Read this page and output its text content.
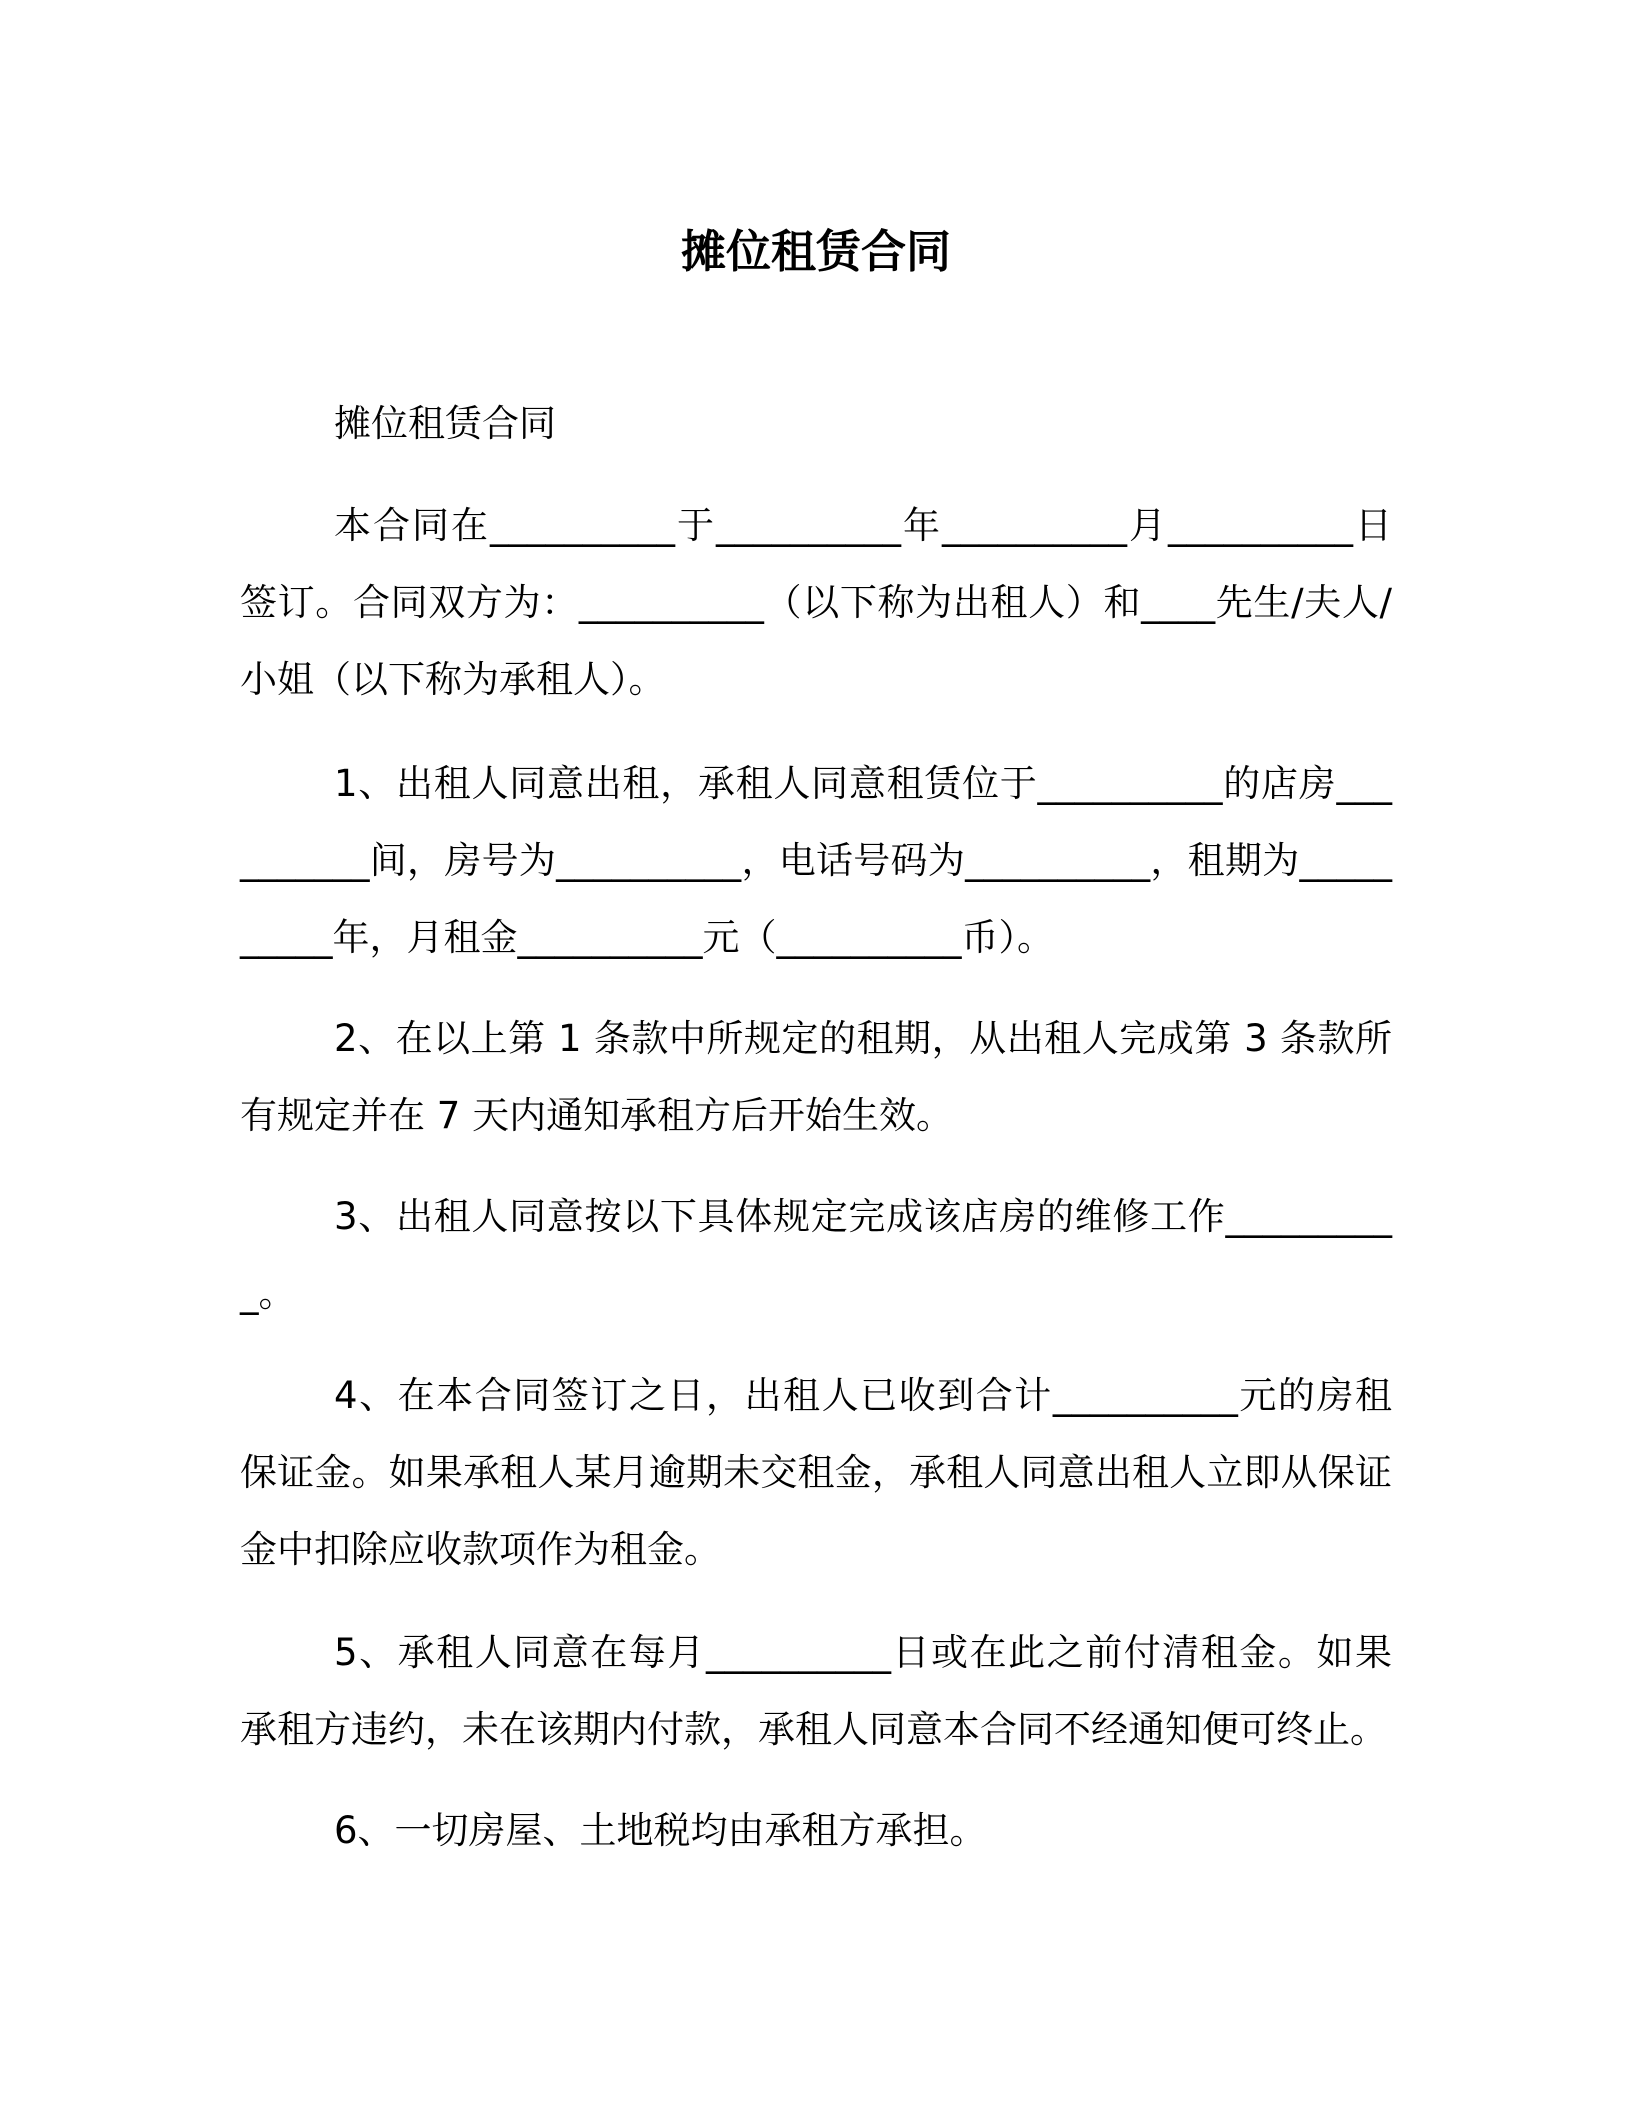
摊位租赁合同

摊位租赁合同

本合同在__________于__________年__________月__________日签订。合同双方为：__________（以下称为出租人）和____先生/夫人/小姐（以下称为承租人）。

1、出租人同意出租，承租人同意租赁位于__________的店房__________间，房号为__________，电话号码为__________，租期为__________年，月租金__________元（__________币）。

2、在以上第 1 条款中所规定的租期，从出租人完成第 3 条款所有规定并在 7 天内通知承租方后开始生效。

3、出租人同意按以下具体规定完成该店房的维修工作__________。

4、在本合同签订之日，出租人已收到合计__________元的房租保证金。如果承租人某月逾期未交租金，承租人同意出租人立即从保证金中扣除应收款项作为租金。

5、承租人同意在每月__________日或在此之前付清租金。如果承租方违约，未在该期内付款，承租人同意本合同不经通知便可终止。

6、一切房屋、土地税均由承租方承担。
